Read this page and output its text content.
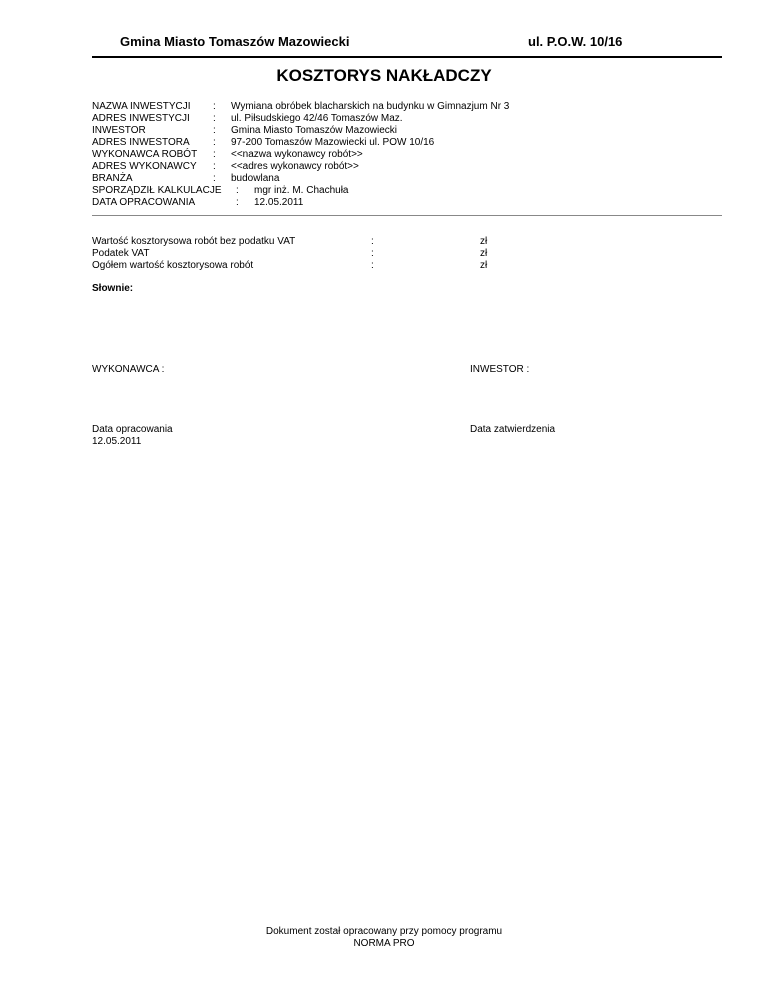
Gmina Miasto Tomaszów Mazowiecki	ul. P.O.W. 10/16
KOSZTORYS NAKŁADCZY
NAZWA INWESTYCJI : Wymiana obróbek blacharskich na budynku w Gimnazjum Nr 3
ADRES INWESTYCJI : ul. Piłsudskiego 42/46 Tomaszów Maz.
INWESTOR	: Gmina Miasto Tomaszów Mazowiecki
ADRES INWESTORA : 97-200 Tomaszów Mazowiecki ul. POW 10/16
WYKONAWCA ROBÓT : <<nazwa wykonawcy robót>>
ADRES WYKONAWCY : <<adres wykonawcy robót>>
BRANŻA	: budowlana
SPORZĄDZIŁ KALKULACJE : mgr inż. M. Chachuła
DATA OPRACOWANIA	: 12.05.2011
Wartość kosztorysowa robót bez podatku VAT	:	zł
Podatek VAT	:	zł
Ogółem wartość kosztorysowa robót	:	zł
Słownie:
WYKONAWCA :	INWESTOR :
Data opracowania
12.05.2011
Data zatwierdzenia
Dokument został opracowany przy pomocy programu
NORMA PRO
